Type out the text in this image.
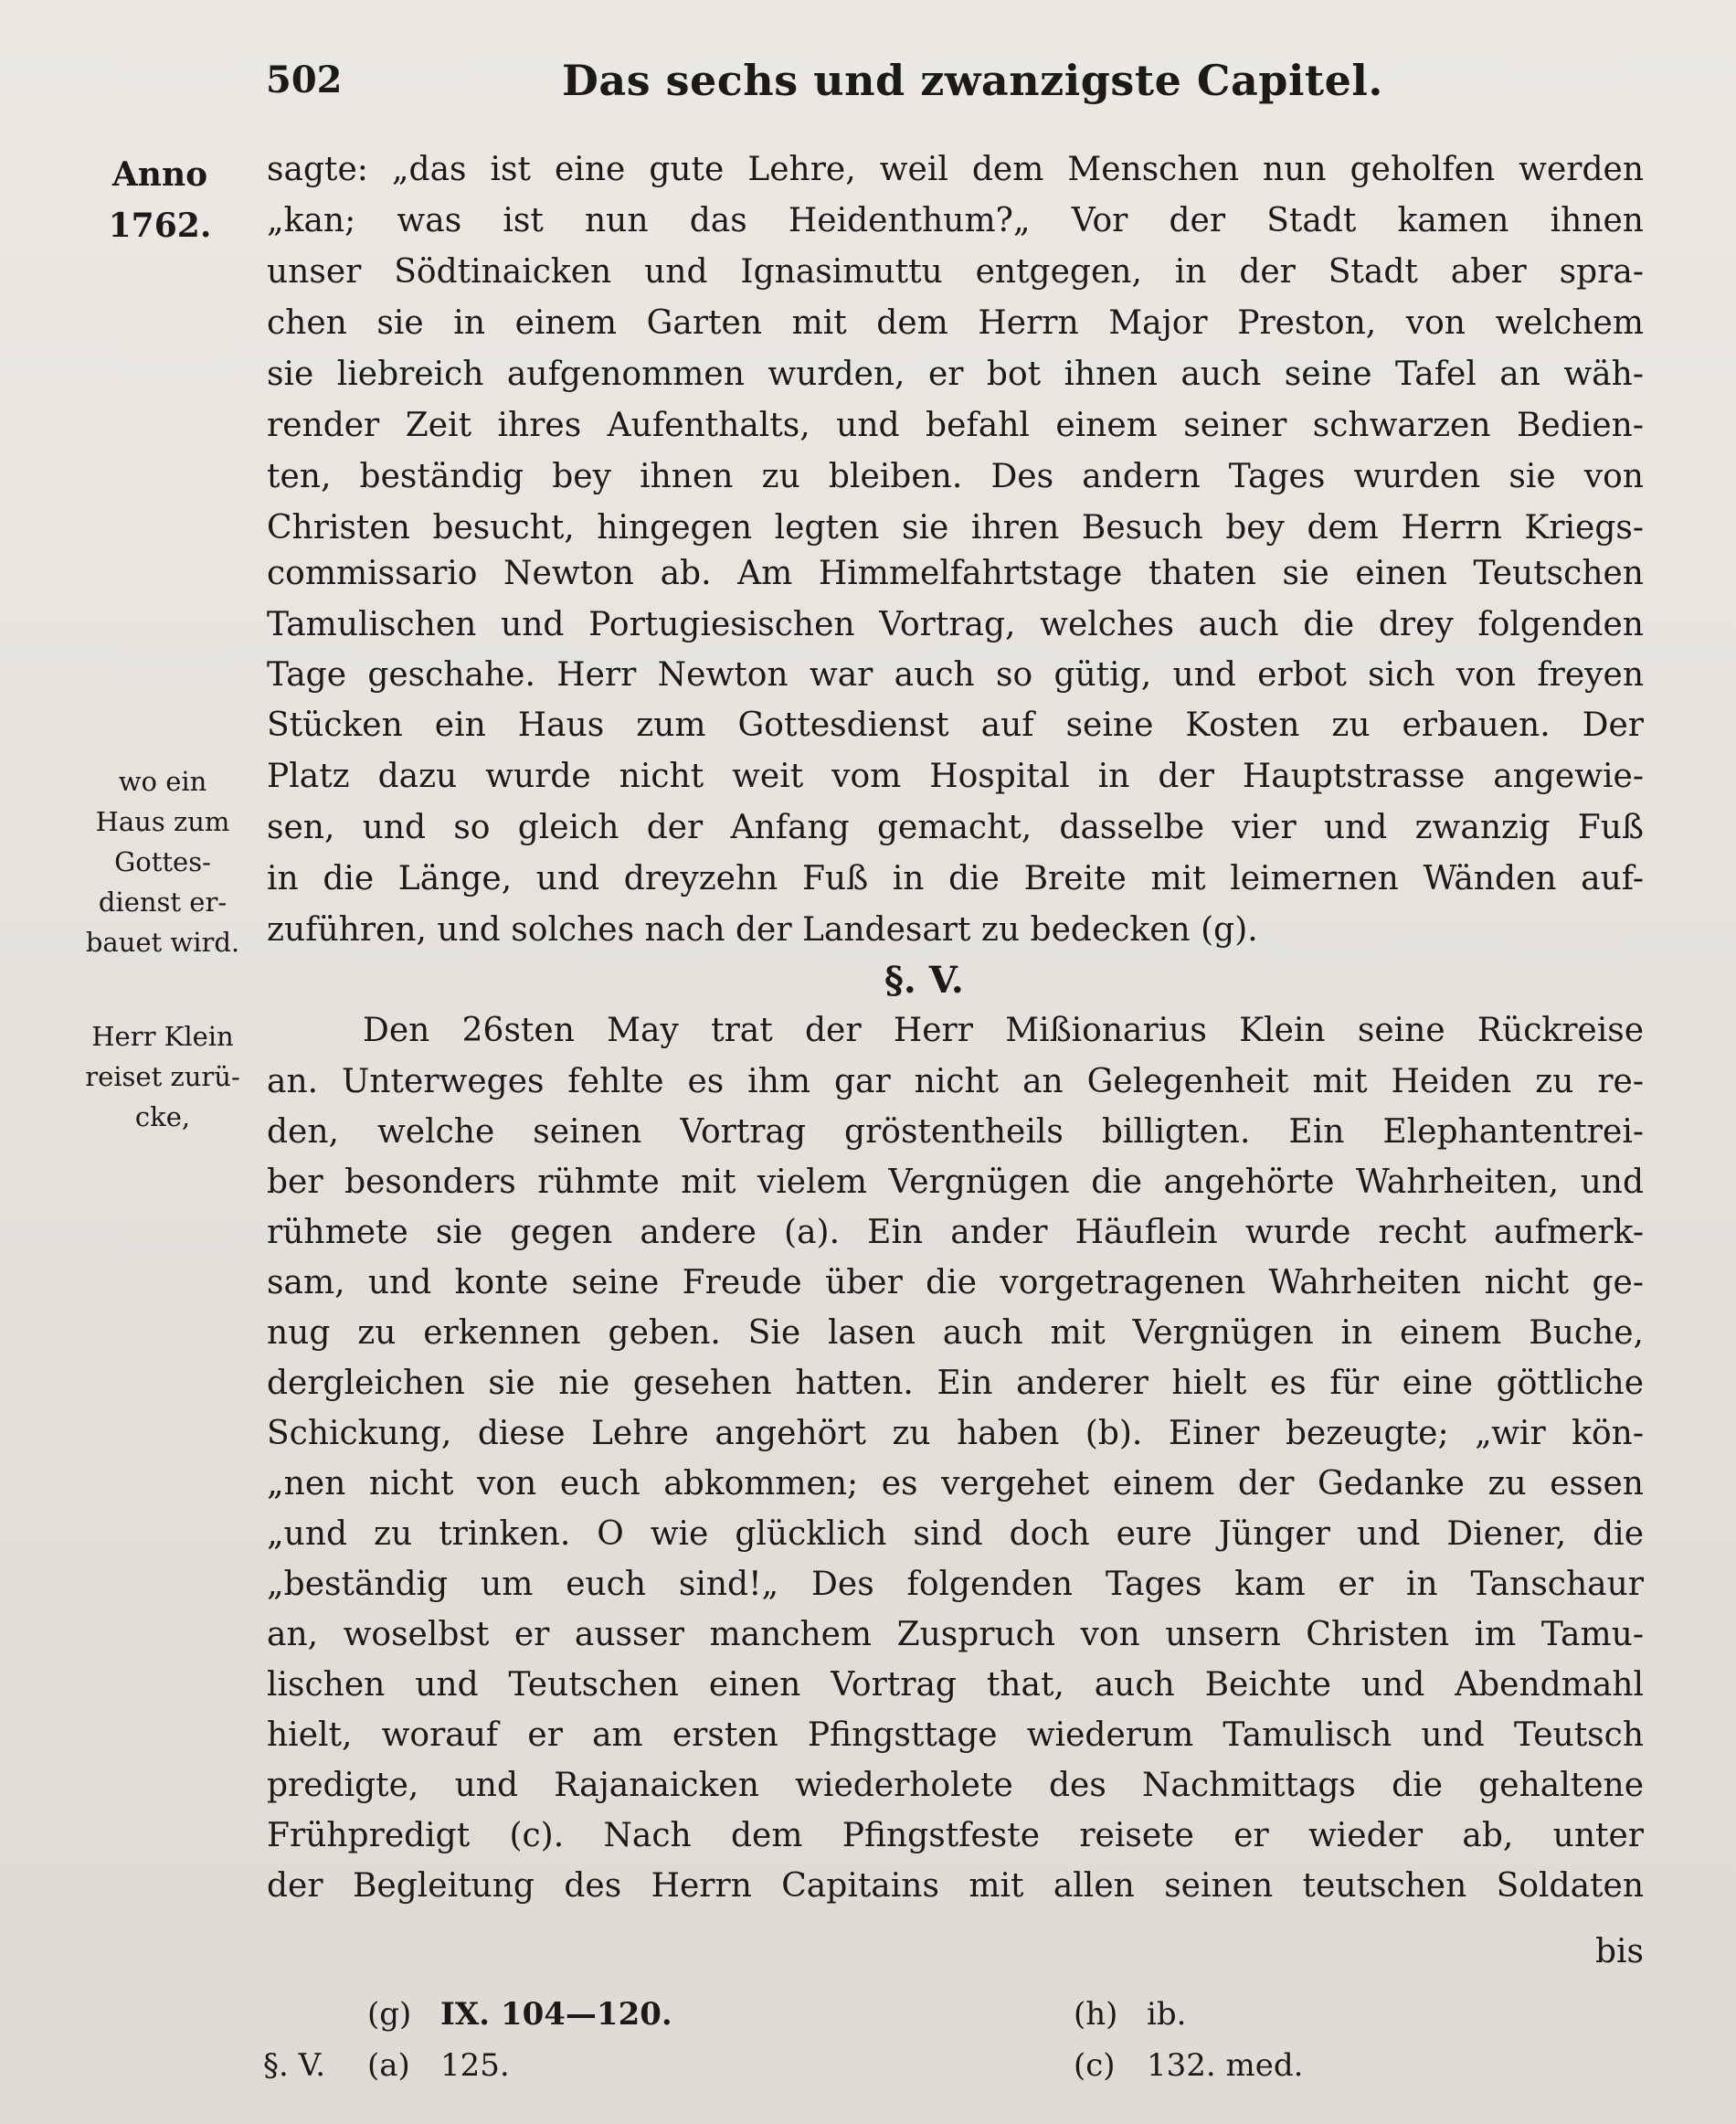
502	Das sechs und zwanzigste Capitel.
Anno
1762.
wo ein
Haus zum
Gottes-
dienst er-
bauet wird.
Herr Klein
reiset zurü-
cke,
sagte: „das ist eine gute Lehre, weil dem Menschen nun geholfen werden
„kan; was ist nun das Heidenthum?„ Vor der Stadt kamen ihnen
unser Södtinaicken und Ignasimuttu entgegen, in der Stadt aber spra-
chen sie in einem Garten mit dem Herrn Major Preston, von welchem
sie liebreich aufgenommen wurden, er bot ihnen auch seine Tafel an wäh-
render Zeit ihres Aufenthalts, und befahl einem seiner schwarzen Bedien-
ten, beständig bey ihnen zu bleiben. Des andern Tages wurden sie von
Christen besucht, hingegen legten sie ihren Besuch bey dem Herrn Kriegs-
commissario Newton ab. Am Himmelfahrtstage thaten sie einen Teutschen
Tamulischen und Portugiesischen Vortrag, welches auch die drey folgenden
Tage geschahe. Herr Newton war auch so gütig, und erbot sich von freyen
Stücken ein Haus zum Gottesdienst auf seine Kosten zu erbauen. Der
Platz dazu wurde nicht weit vom Hospital in der Hauptstrasse angewie-
sen, und so gleich der Anfang gemacht, dasselbe vier und zwanzig Fuß
in die Länge, und dreyzehn Fuß in die Breite mit leimernen Wänden auf-
zuführen, und solches nach der Landesart zu bedecken (g).
§. V.
Den 26sten May trat der Herr Mißionarius Klein seine Rückreise
an. Unterweges fehlte es ihm gar nicht an Gelegenheit mit Heiden zu re-
den, welche seinen Vortrag gröstentheils billigten. Ein Elephantentrei-
ber besonders rühmte mit vielem Vergnügen die angehörte Wahrheiten, und
rühmete sie gegen andere (a). Ein ander Häuflein wurde recht aufmerk-
sam, und konte seine Freude über die vorgetragenen Wahrheiten nicht ge-
nug zu erkennen geben. Sie lasen auch mit Vergnügen in einem Buche,
dergleichen sie nie gesehen hatten. Ein anderer hielt es für eine göttliche
Schickung, diese Lehre angehört zu haben (b). Einer bezeugte; „wir kön-
„nen nicht von euch abkommen; es vergehet einem der Gedanke zu essen
„und zu trinken. O wie glücklich sind doch eure Jünger und Diener, die
„beständig um euch sind!„ Des folgenden Tages kam er in Tanschaur
an, woselbst er ausser manchem Zuspruch von unsern Christen im Tamu-
lischen und Teutschen einen Vortrag that, auch Beichte und Abendmahl
hielt, worauf er am ersten Pfingsttage wiederum Tamulisch und Teutsch
predigte, und Rajanaicken wiederholete des Nachmittags die gehaltene
Frühpredigt (c). Nach dem Pfingstfeste reisete er wieder ab, unter
der Begleitung des Herrn Capitains mit allen seinen teutschen Soldaten
bis
(g) IX. 104—120.	(h) ib.
§. V. (a) 125.	(c) 132. med.
